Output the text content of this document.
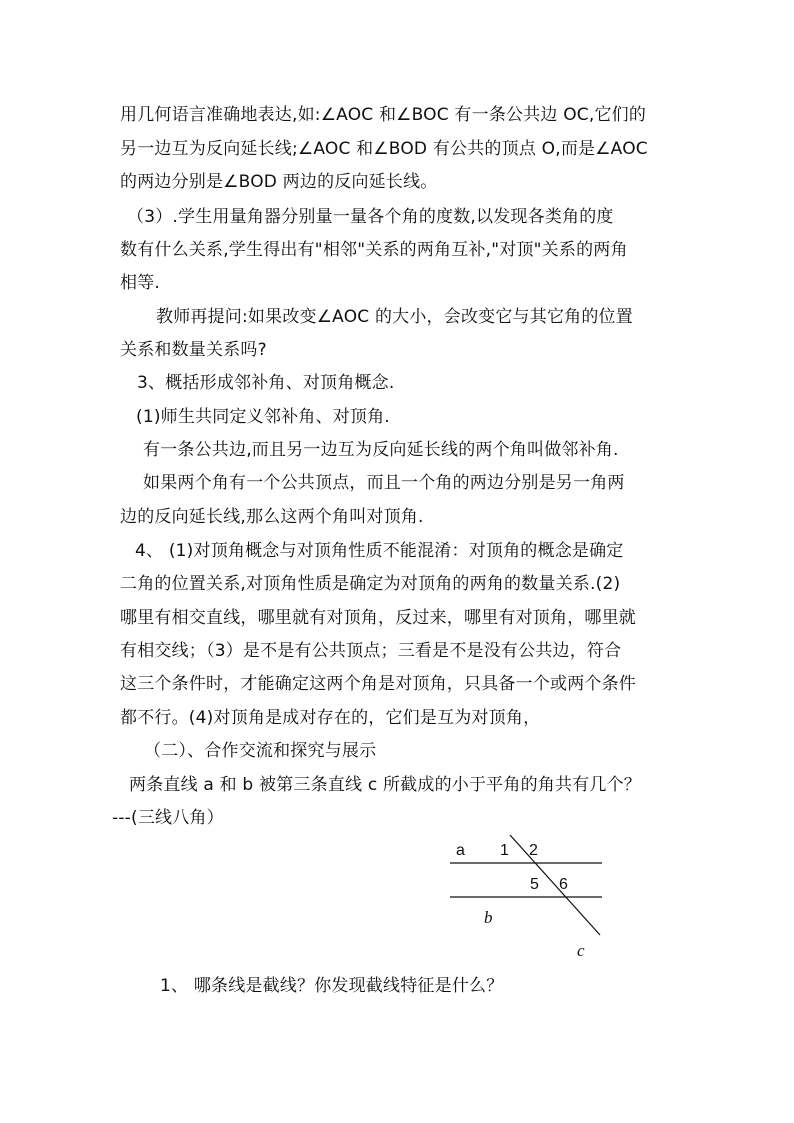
用几何语言准确地表达,如:∠AOC 和∠BOC 有一条公共边 OC,它们的
另一边互为反向延长线;∠AOC 和∠BOD 有公共的顶点 O,而是∠AOC
的两边分别是∠BOD 两边的反向延长线。
（3）.学生用量角器分别量一量各个角的度数,以发现各类角的度
数有什么关系,学生得出有"相邻"关系的两角互补,"对顶"关系的两角
相等.
教师再提问:如果改变∠AOC 的大小，会改变它与其它角的位置
关系和数量关系吗?
3、概括形成邻补角、对顶角概念.
(1)师生共同定义邻补角、对顶角.
有一条公共边,而且另一边互为反向延长线的两个角叫做邻补角.
如果两个角有一个公共顶点，而且一个角的两边分别是另一角两
边的反向延长线,那么这两个角叫对顶角.
4、 (1)对顶角概念与对顶角性质不能混淆：对顶角的概念是确定
二角的位置关系,对顶角性质是确定为对顶角的两角的数量关系.(2)
哪里有相交直线，哪里就有对顶角，反过来，哪里有对顶角，哪里就
有相交线；（3）是不是有公共顶点；三看是不是没有公共边，符合
这三个条件时，才能确定这两个角是对顶角，只具备一个或两个条件
都不行。(4)对顶角是成对存在的，它们是互为对顶角，
（二）、合作交流和探究与展示
两条直线 a 和 b 被第三条直线 c 所截成的小于平角的角共有几个？
---(三线八角）
a 1 2
5 6
b
c
1、 哪条线是截线？你发现截线特征是什么？
